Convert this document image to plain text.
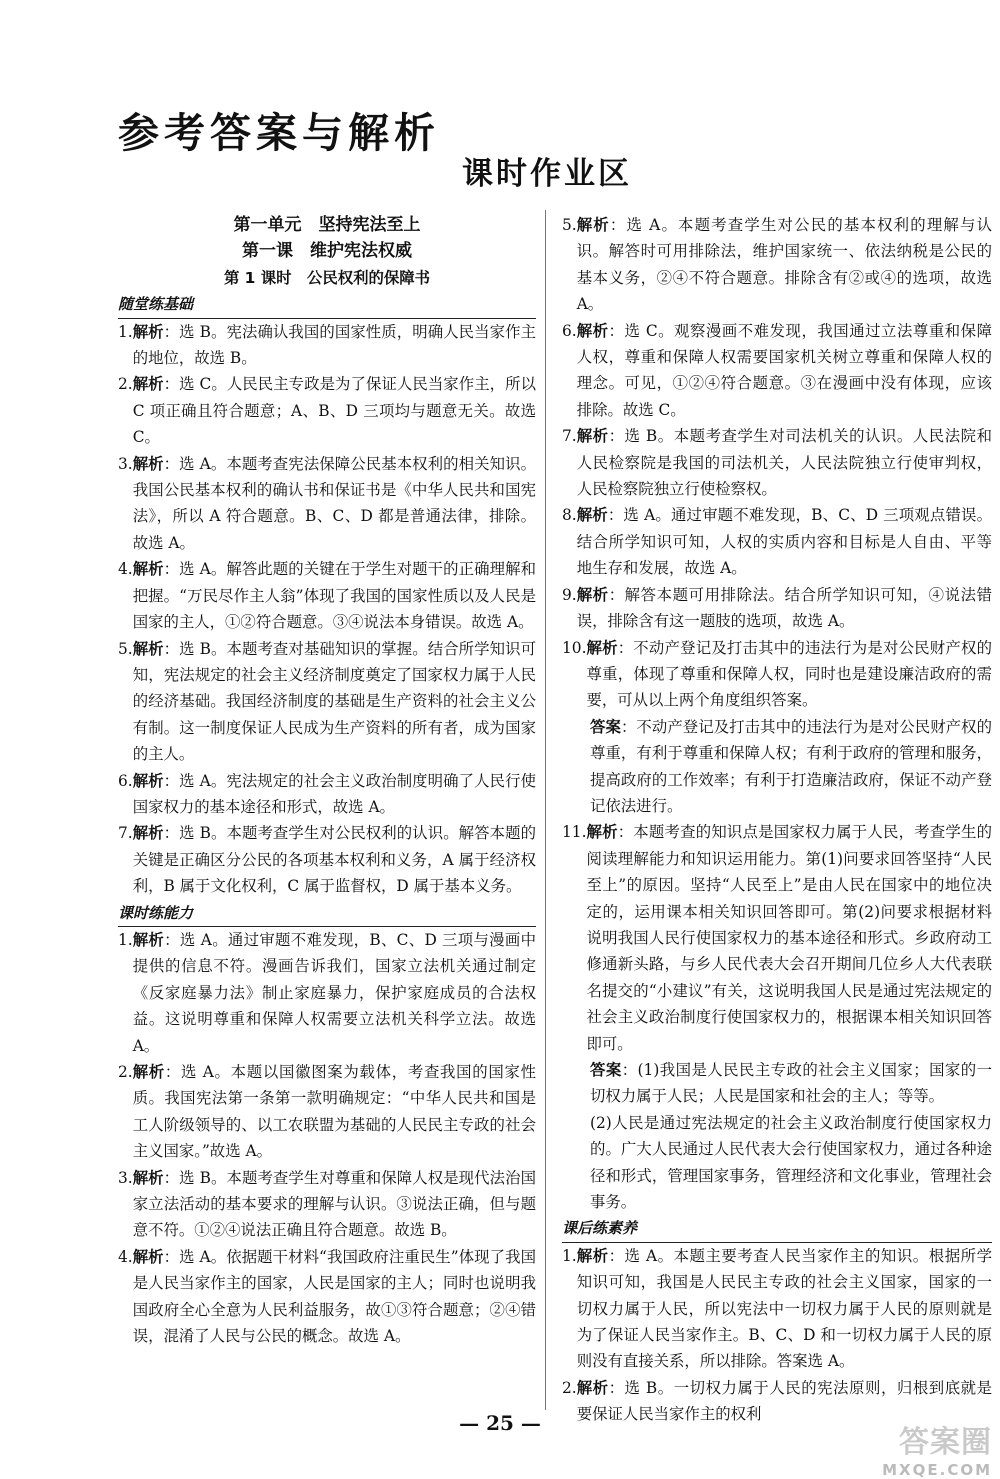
参考答案与解析
课时作业区
第一单元　坚持宪法至上
第一课　维护宪法权威
第 1 课时　公民权利的保障书
随堂练基础
1. 解析：选 B。宪法确认我国的国家性质，明确人民当家作主的地位，故选 B。
2. 解析：选 C。人民民主专政是为了保证人民当家作主，所以 C 项正确且符合题意；A、B、D 三项均与题意无关。故选 C。
3. 解析：选 A。本题考查宪法保障公民基本权利的相关知识。我国公民基本权利的确认书和保证书是《中华人民共和国宪法》，所以 A 符合题意。B、C、D 都是普通法律，排除。故选 A。
4. 解析：选 A。解答此题的关键在于学生对题干的正确理解和把握。“万民尽作主人翁”体现了我国的国家性质以及人民是国家的主人，①②符合题意。③④说法本身错误。故选 A。
5. 解析：选 B。本题考查对基础知识的掌握。结合所学知识可知，宪法规定的社会主义经济制度奠定了国家权力属于人民的经济基础。我国经济制度的基础是生产资料的社会主义公有制。这一制度保证人民成为生产资料的所有者，成为国家的主人。
6. 解析：选 A。宪法规定的社会主义政治制度明确了人民行使国家权力的基本途径和形式，故选 A。
7. 解析：选 B。本题考查学生对公民权利的认识。解答本题的关键是正确区分公民的各项基本权利和义务，A 属于经济权利，B 属于文化权利，C 属于监督权，D 属于基本义务。
课时练能力
1. 解析：选 A。通过审题不难发现，B、C、D 三项与漫画中提供的信息不符。漫画告诉我们，国家立法机关通过制定《反家庭暴力法》制止家庭暴力，保护家庭成员的合法权益。这说明尊重和保障人权需要立法机关科学立法。故选 A。
2. 解析：选 A。本题以国徽图案为载体，考查我国的国家性质。我国宪法第一条第一款明确规定：“中华人民共和国是工人阶级领导的、以工农联盟为基础的人民民主专政的社会主义国家。”故选 A。
3. 解析：选 B。本题考查学生对尊重和保障人权是现代法治国家立法活动的基本要求的理解与认识。③说法正确，但与题意不符。①②④说法正确且符合题意。故选 B。
4. 解析：选 A。依据题干材料“我国政府注重民生”体现了我国是人民当家作主的国家，人民是国家的主人；同时也说明我国政府全心全意为人民利益服务，故①③符合题意；②④错误，混淆了人民与公民的概念。故选 A。
5. 解析：选 A。本题考查学生对公民的基本权利的理解与认识。解答时可用排除法，维护国家统一、依法纳税是公民的基本义务，②④不符合题意。排除含有②或④的选项，故选 A。
6. 解析：选 C。观察漫画不难发现，我国通过立法尊重和保障人权，尊重和保障人权需要国家机关树立尊重和保障人权的理念。可见，①②④符合题意。③在漫画中没有体现，应该排除。故选 C。
7. 解析：选 B。本题考查学生对司法机关的认识。人民法院和人民检察院是我国的司法机关，人民法院独立行使审判权，人民检察院独立行使检察权。
8. 解析：选 A。通过审题不难发现，B、C、D 三项观点错误。结合所学知识可知，人权的实质内容和目标是人自由、平等地生存和发展，故选 A。
9. 解析：解答本题可用排除法。结合所学知识可知，④说法错误，排除含有这一题肢的选项，故选 A。
10. 解析：不动产登记及打击其中的违法行为是对公民财产权的尊重，体现了尊重和保障人权，同时也是建设廉洁政府的需要，可从以上两个角度组织答案。
答案：不动产登记及打击其中的违法行为是对公民财产权的尊重，有利于尊重和保障人权；有利于政府的管理和服务，提高政府的工作效率；有利于打造廉洁政府，保证不动产登记依法进行。
11. 解析：本题考查的知识点是国家权力属于人民，考查学生的阅读理解能力和知识运用能力。第(1)问要求回答坚持“人民至上”的原因。坚持“人民至上”是由人民在国家中的地位决定的，运用课本相关知识回答即可。第(2)问要求根据材料说明我国人民行使国家权力的基本途径和形式。乡政府动工修通新头路，与乡人民代表大会召开期间几位乡人大代表联名提交的“小建议”有关，这说明我国人民是通过宪法规定的社会主义政治制度行使国家权力的，根据课本相关知识回答即可。
答案：(1)我国是人民民主专政的社会主义国家；国家的一切权力属于人民；人民是国家和社会的主人；等等。
(2)人民是通过宪法规定的社会主义政治制度行使国家权力的。广大人民通过人民代表大会行使国家权力，通过各种途径和形式，管理国家事务，管理经济和文化事业，管理社会事务。
课后练素养
1. 解析：选 A。本题主要考查人民当家作主的知识。根据所学知识可知，我国是人民民主专政的社会主义国家，国家的一切权力属于人民，所以宪法中一切权力属于人民的原则就是为了保证人民当家作主。B、C、D 和一切权力属于人民的原则没有直接关系，所以排除。答案选 A。
2. 解析：选 B。一切权力属于人民的宪法原则，归根到底就是要保证人民当家作主的权利
— 25 —
答案圈
MXQE.COM
